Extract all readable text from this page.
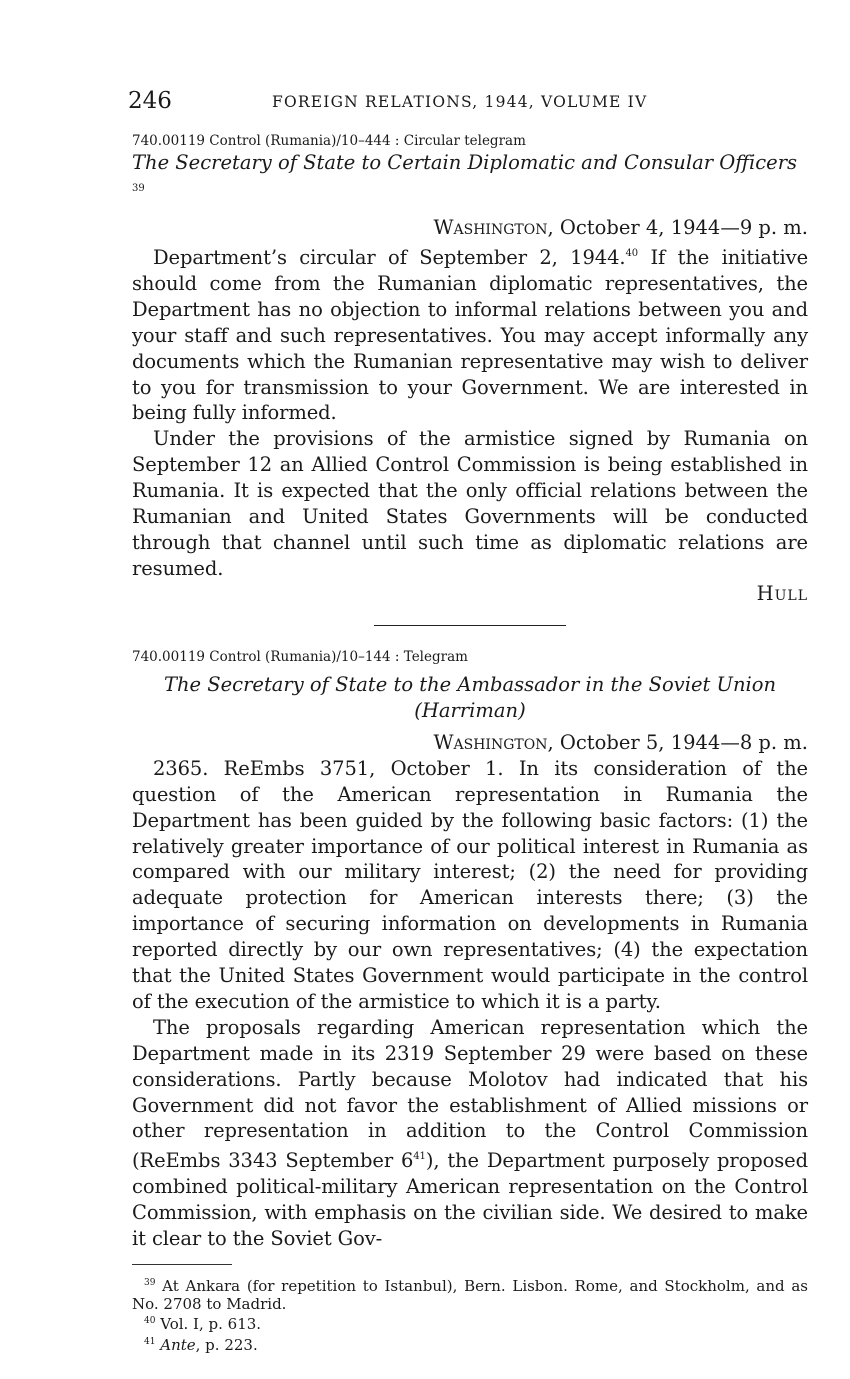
246	FOREIGN RELATIONS, 1944, VOLUME IV

740.00119 Control (Rumania)/10–444 : Circular telegram

The Secretary of State to Certain Diplomatic and Consular Officers $^{39}$

Washington, October 4, 1944—9 p. m.

Department’s circular of September 2, 1944.40 If the initiative should come from the Rumanian diplomatic representatives, the Department has no objection to informal relations between you and your staff and such representatives. You may accept informally any documents which the Rumanian representative may wish to deliver to you for transmission to your Government. We are interested in being fully informed.

Under the provisions of the armistice signed by Rumania on September 12 an Allied Control Commission is being established in Rumania. It is expected that the only official relations between the Rumanian and United States Governments will be conducted through that channel until such time as diplomatic relations are resumed.

Hull

740.00119 Control (Rumania)/10–144 : Telegram

The Secretary of State to the Ambassador in the Soviet Union
(Harriman)

Washington, October 5, 1944—8 p. m.

2365. ReEmbs 3751, October 1. In its consideration of the question of the American representation in Rumania the Department has been guided by the following basic factors: (1) the relatively greater importance of our political interest in Rumania as compared with our military interest; (2) the need for providing adequate protection for American interests there; (3) the importance of securing information on developments in Rumania reported directly by our own representatives; (4) the expectation that the United States Government would participate in the control of the execution of the armistice to which it is a party.

The proposals regarding American representation which the Department made in its 2319 September 29 were based on these considerations. Partly because Molotov had indicated that his Government did not favor the establishment of Allied missions or other representation in addition to the Control Commission (ReEmbs 3343 September $6^{41}$), the Department purposely proposed combined political-military American representation on the Control Commission, with emphasis on the civilian side. We desired to make it clear to the Soviet Gov-

$^{39}$ At Ankara (for repetition to Istanbul), Bern. Lisbon. Rome, and Stockholm, and as No. 2708 to Madrid.

$^{40}$ Vol. I, p. 613.

$^{41}$ Ante, p. 223.
